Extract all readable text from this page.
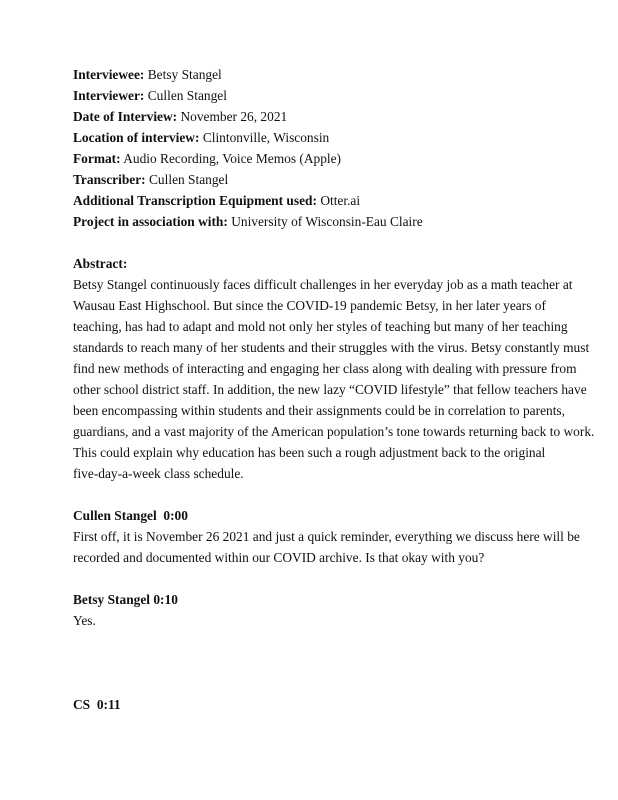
Interviewee: Betsy Stangel
Interviewer: Cullen Stangel
Date of Interview: November 26, 2021
Location of interview: Clintonville, Wisconsin
Format: Audio Recording, Voice Memos (Apple)
Transcriber: Cullen Stangel
Additional Transcription Equipment used: Otter.ai
Project in association with: University of Wisconsin-Eau Claire
Abstract:
Betsy Stangel continuously faces difficult challenges in her everyday job as a math teacher at
Wausau East Highschool. But since the COVID-19 pandemic Betsy, in her later years of
teaching, has had to adapt and mold not only her styles of teaching but many of her teaching
standards to reach many of her students and their struggles with the virus. Betsy constantly must
find new methods of interacting and engaging her class along with dealing with pressure from
other school district staff. In addition, the new lazy “COVID lifestyle” that fellow teachers have
been encompassing within students and their assignments could be in correlation to parents,
guardians, and a vast majority of the American population’s tone towards returning back to work.
This could explain why education has been such a rough adjustment back to the original
five-day-a-week class schedule.
Cullen Stangel  0:00
First off, it is November 26 2021 and just a quick reminder, everything we discuss here will be
recorded and documented within our COVID archive. Is that okay with you?
Betsy Stangel 0:10
Yes.
CS  0:11
